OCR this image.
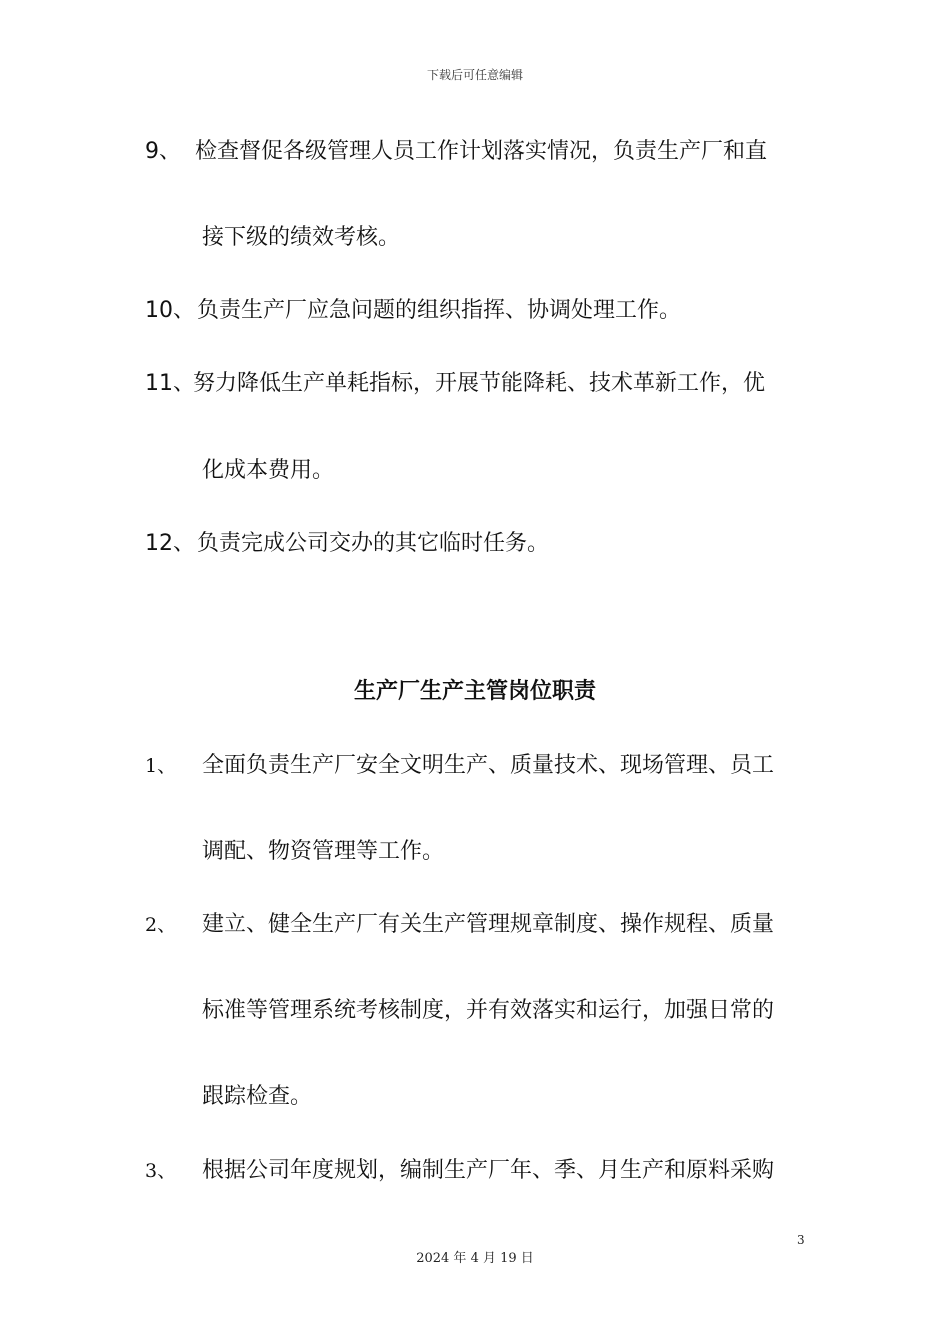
下载后可任意编辑
9、 检查督促各级管理人员工作计划落实情况，负责生产厂和直
接下级的绩效考核。
10、 负责生产厂应急问题的组织指挥、协调处理工作。
11、
努力降低生产单耗指标，开展节能降耗、技术革新工作，优
化成本费用。
12、 负责完成公司交办的其它临时任务。
生产厂生产主管岗位职责
1、 全面负责生产厂安全文明生产、质量技术、现场管理、员工
调配、物资管理等工作。
2、 建立、健全生产厂有关生产管理规章制度、操作规程、质量
标准等管理系统考核制度，并有效落实和运行，加强日常的
跟踪检查。
3、 根据公司年度规划，编制生产厂年、季、月生产和原料采购
3
2024 年 4 月 19 日
